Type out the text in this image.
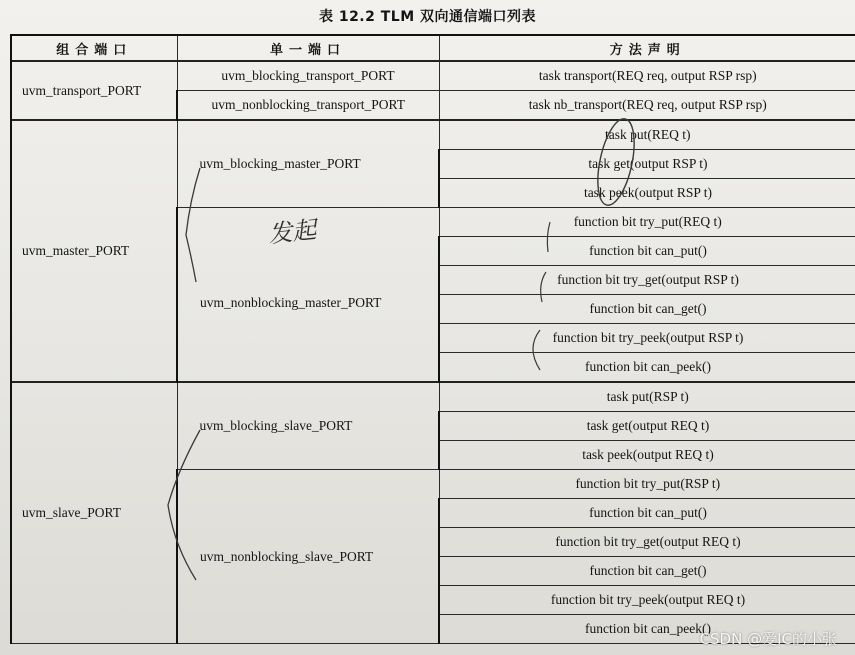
表 12.2 TLM 双向通信端口列表
组合端口	单一端口	方法声明
uvm_transport_PORT	uvm_blocking_transport_PORT	task transport(REQ req, output RSP rsp)
	uvm_nonblocking_transport_PORT	task nb_transport(REQ req, output RSP rsp)
uvm_master_PORT	uvm_blocking_master_PORT	task put(REQ t)
		task get(output RSP t)
		task peek(output RSP t)
	uvm_nonblocking_master_PORT	function bit try_put(REQ t)
		function bit can_put()
		function bit try_get(output RSP t)
		function bit can_get()
		function bit try_peek(output RSP t)
		function bit can_peek()
uvm_slave_PORT	uvm_blocking_slave_PORT	task put(RSP t)
		task get(output REQ t)
		task peek(output REQ t)
	uvm_nonblocking_slave_PORT	function bit try_put(RSP t)
		function bit can_put()
		function bit try_get(output REQ t)
		function bit can_get()
		function bit try_peek(output REQ t)
		function bit can_peek()
发起
CSDN @爱IC的小张
